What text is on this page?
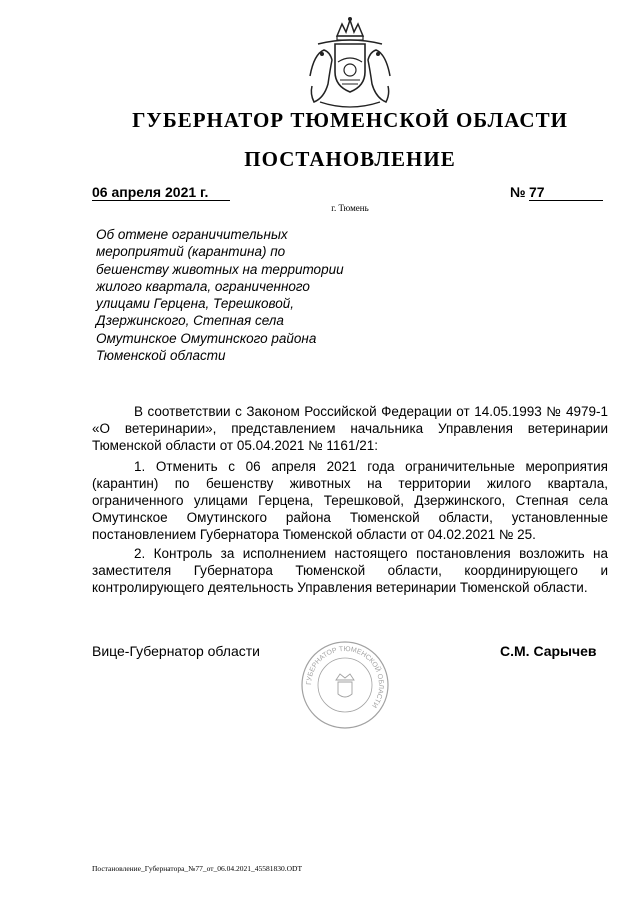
ГУБЕРНАТОР ТЮМЕНСКОЙ ОБЛАСТИ
ПОСТАНОВЛЕНИЕ
06 апреля 2021 г.	№ 77
г. Тюмень
Об отмене ограничительных
мероприятий (карантина) по
бешенству животных на территории
жилого квартала, ограниченного
улицами Герцена, Терешковой,
Дзержинского, Степная села
Омутинское Омутинского района
Тюменской области

В соответствии с Законом Российской Федерации от 14.05.1993 № 4979-1 «О ветеринарии», представлением начальника Управления ветеринарии Тюменской области от 05.04.2021 № 1161/21:

1. Отменить с 06 апреля 2021 года ограничительные мероприятия (карантин) по бешенству животных на территории жилого квартала, ограниченного улицами Герцена, Терешковой, Дзержинского, Степная села Омутинское Омутинского района Тюменской области, установленные постановлением Губернатора Тюменской области от 04.02.2021 № 25.

2. Контроль за исполнением настоящего постановления возложить на заместителя Губернатора Тюменской области, координирующего и контролирующего деятельность Управления ветеринарии Тюменской области.

Вице-Губернатор области
ГУБЕРНАТОР ТЮМЕНСКОЙ ОБЛАСТИ
С.М. Сарычев
Постановление_Губернатора_№77_от_06.04.2021_45581830.ODT
